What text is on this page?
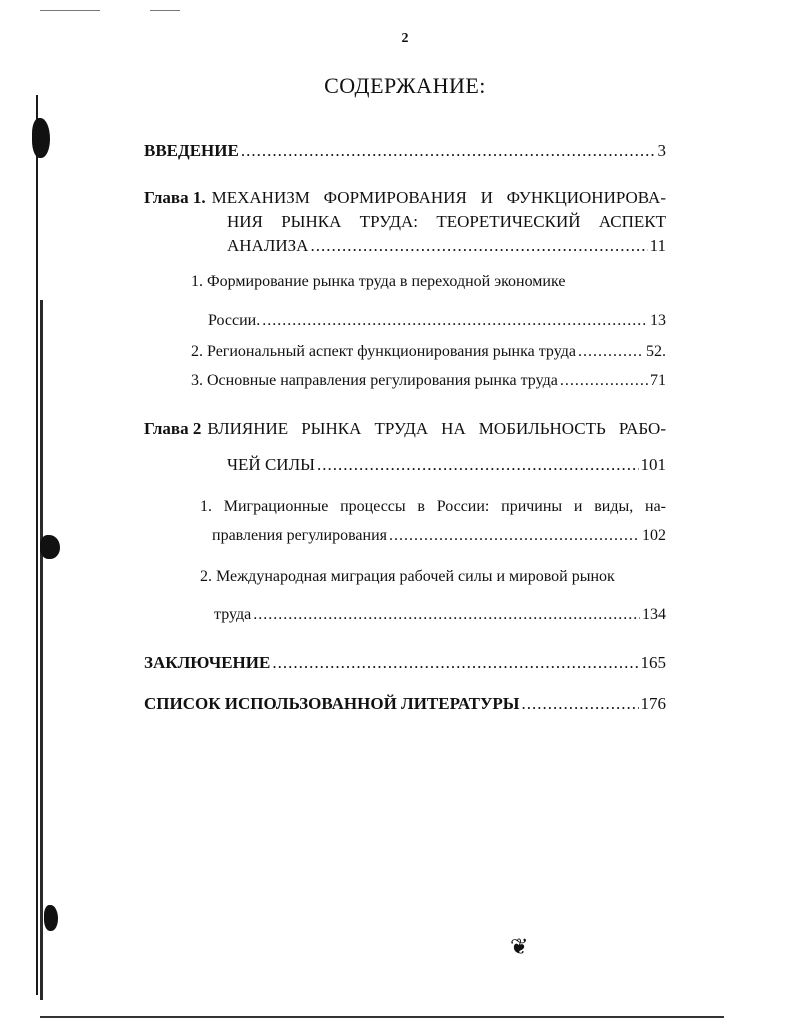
2
СОДЕРЖАНИЕ:
ВВЕДЕНИЕ .....	3
Глава 1. МЕХАНИЗМ ФОРМИРОВАНИЯ И ФУНКЦИОНИРОВА-
НИЯ РЫНКА ТРУДА: ТЕОРЕТИЧЕСКИЙ АСПЕКТ
АНАЛИЗА .....	11
1. Формирование рынка труда в переходной экономике
России. .....	13
2. Региональный аспект функционирования рынка труда .....	52.
3. Основные направления регулирования рынка труда .....	71
Глава 2 ВЛИЯНИЕ РЫНКА ТРУДА НА МОБИЛЬНОСТЬ РАБО-
ЧЕЙ СИЛЫ .....	101
1. Миграционные процессы в России: причины и виды, на-
правления регулирования .....	102
2. Международная миграция рабочей силы и мировой рынок
труда .....	134
ЗАКЛЮЧЕНИЕ .....	165
СПИСОК ИСПОЛЬЗОВАННОЙ ЛИТЕРАТУРЫ .....	176
❦
